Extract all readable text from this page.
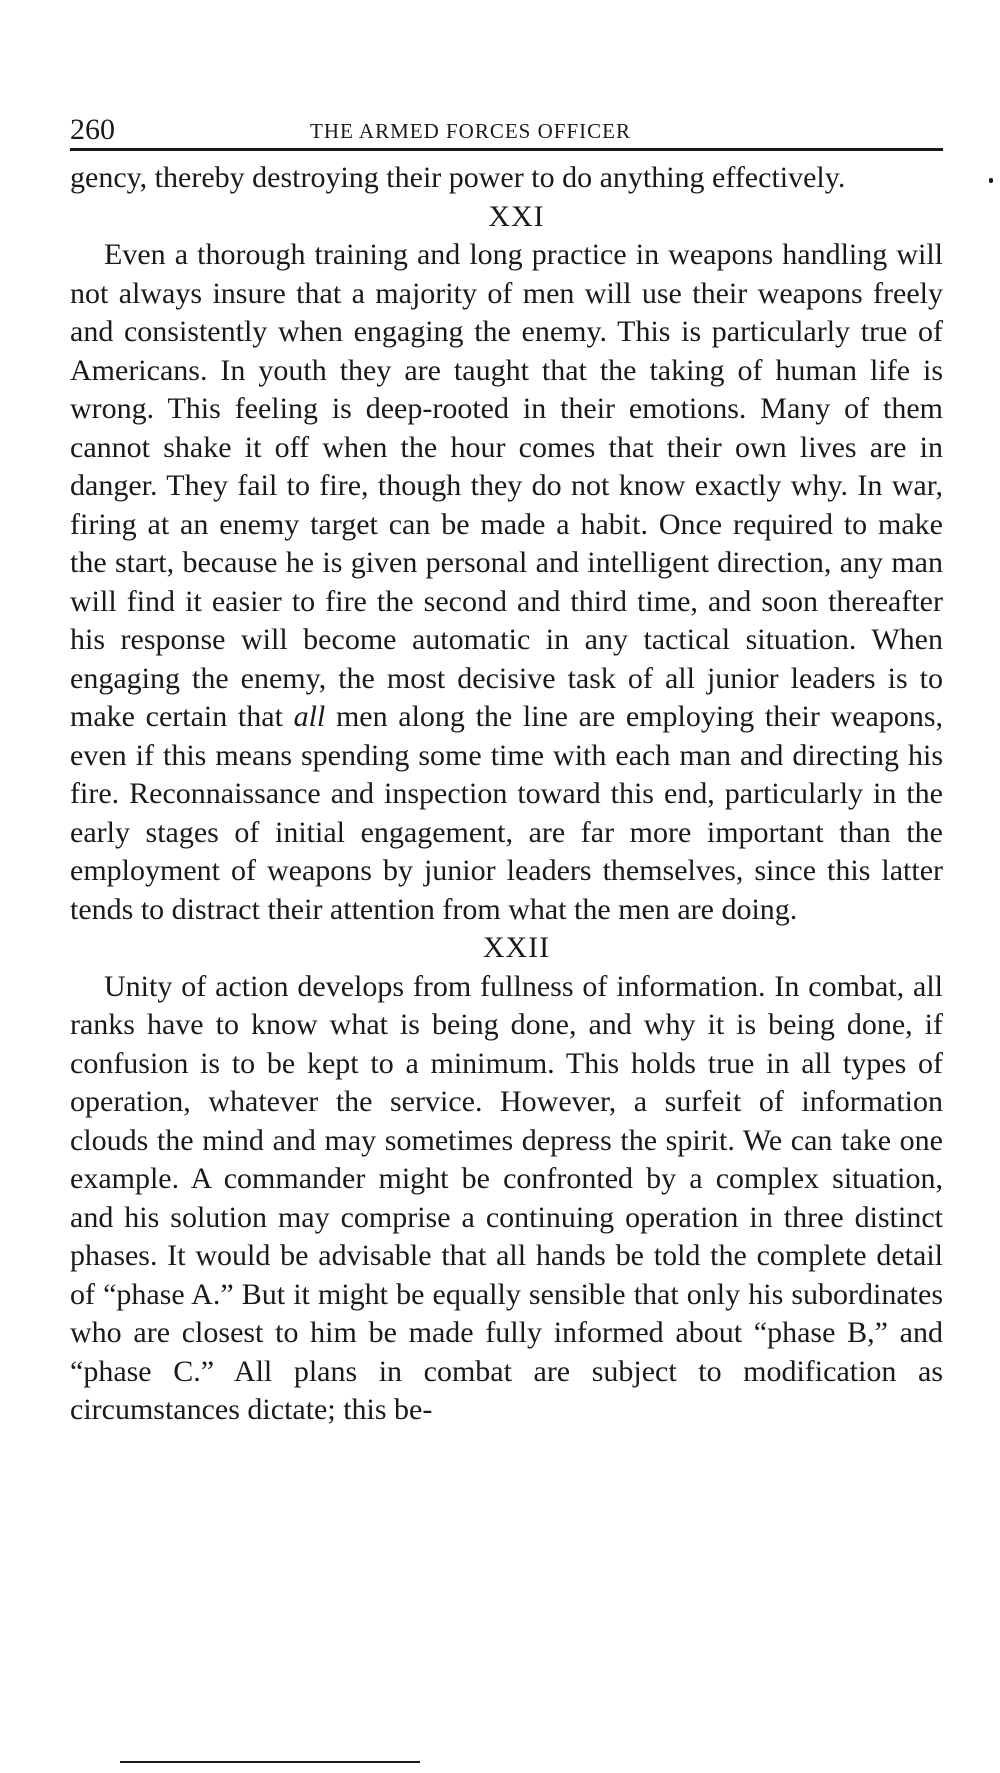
260	THE ARMED FORCES OFFICER

gency, thereby destroying their power to do anything effectively.

XXI

Even a thorough training and long practice in weapons handling will not always insure that a majority of men will use their weapons freely and consistently when engaging the enemy. This is particularly true of Americans. In youth they are taught that the taking of human life is wrong. This feeling is deep-rooted in their emotions. Many of them cannot shake it off when the hour comes that their own lives are in danger. They fail to fire, though they do not know exactly why. In war, firing at an enemy target can be made a habit. Once required to make the start, because he is given personal and intelligent direction, any man will find it easier to fire the second and third time, and soon thereafter his response will become automatic in any tactical situation. When engaging the enemy, the most decisive task of all junior leaders is to make certain that all men along the line are employing their weapons, even if this means spending some time with each man and directing his fire. Reconnaissance and inspection toward this end, particularly in the early stages of initial engagement, are far more important than the employment of weapons by junior leaders themselves, since this latter tends to distract their attention from what the men are doing.

XXII

Unity of action develops from fullness of information. In combat, all ranks have to know what is being done, and why it is being done, if confusion is to be kept to a minimum. This holds true in all types of operation, whatever the service. However, a surfeit of information clouds the mind and may sometimes depress the spirit. We can take one example. A commander might be confronted by a complex situation, and his solution may comprise a continuing operation in three distinct phases. It would be advisable that all hands be told the complete detail of “phase A.” But it might be equally sensible that only his subordinates who are closest to him be made fully informed about “phase B,” and “phase C.” All plans in combat are subject to modification as circumstances dictate; this be-
